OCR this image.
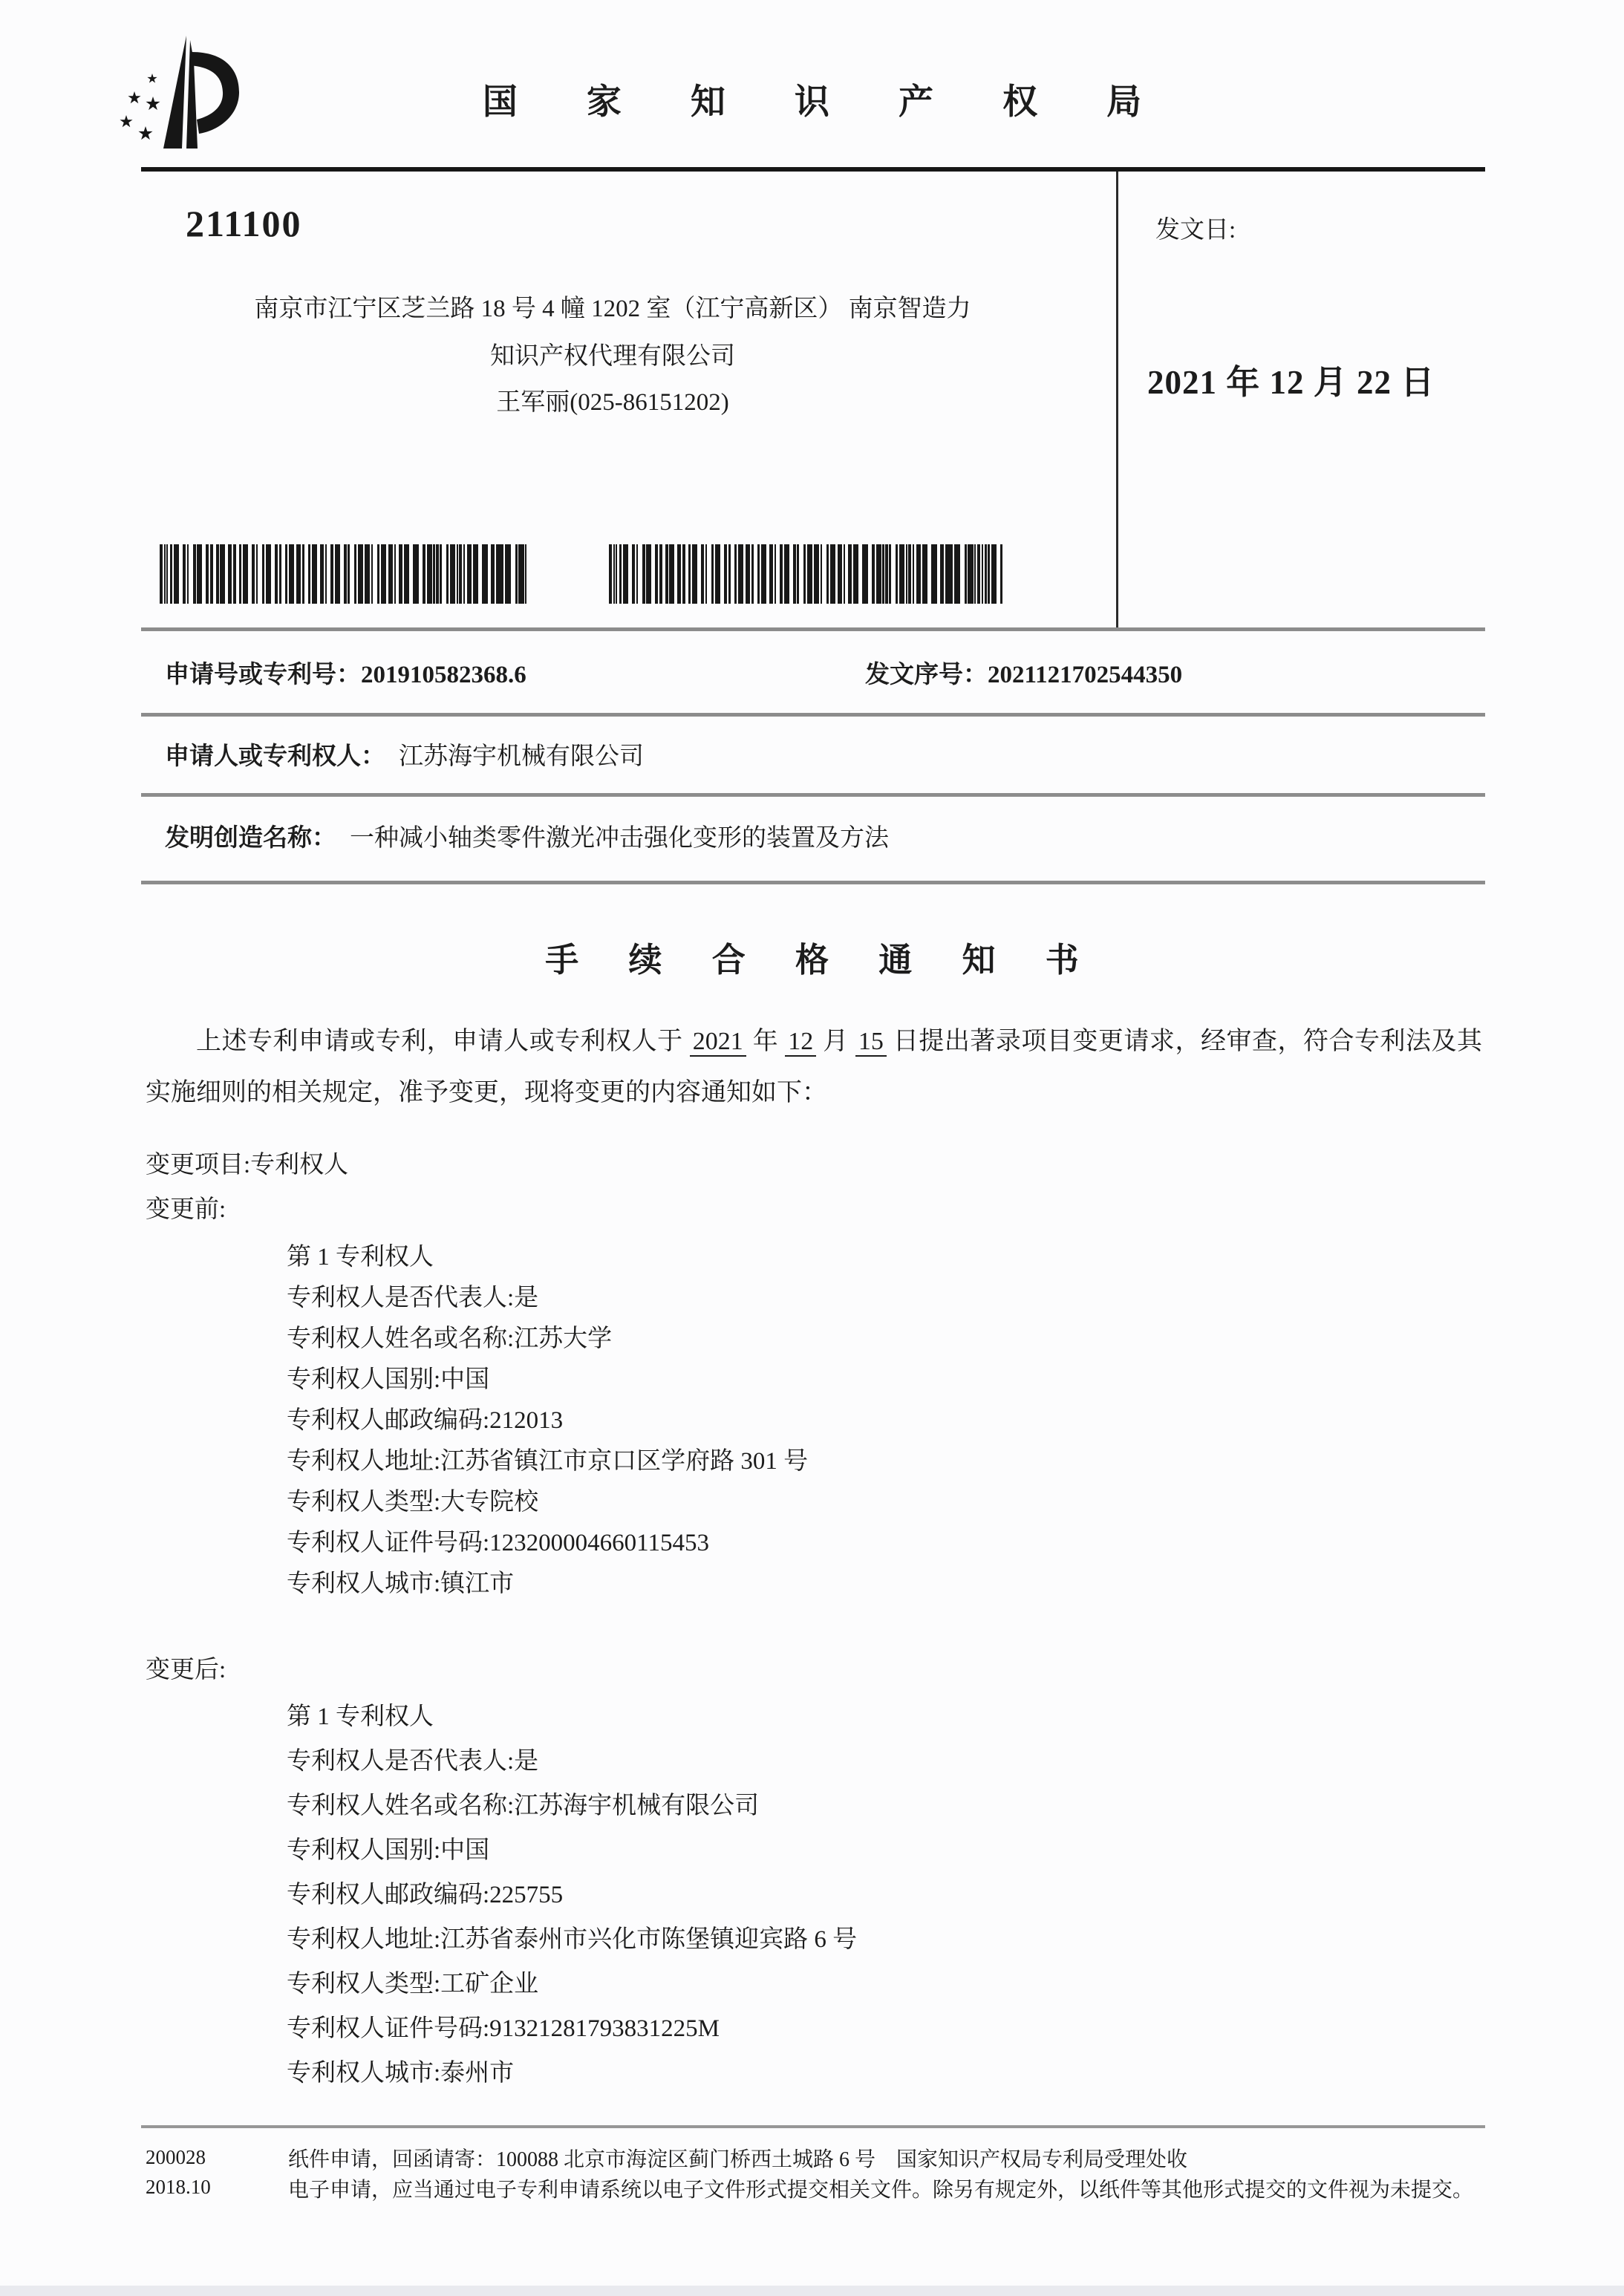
国 家 知 识 产 权 局
211100
南京市江宁区芝兰路 18 号 4 幢 1202 室（江宁高新区） 南京智造力
知识产权代理有限公司
王军丽(025-86151202)
发文日:
2021 年 12 月 22 日
申请号或专利号：201910582368.6	发文序号：2021121702544350
申请人或专利权人： 江苏海宇机械有限公司
发明创造名称： 一种减小轴类零件激光冲击强化变形的装置及方法
手 续 合 格 通 知 书
上述专利申请或专利，申请人或专利权人于 2021 年 12 月 15 日提出著录项目变更请求，经审查，符合专利法及其实施细则的相关规定，准予变更，现将变更的内容通知如下：
变更项目:专利权人
变更前:
第 1 专利权人
专利权人是否代表人:是
专利权人姓名或名称:江苏大学
专利权人国别:中国
专利权人邮政编码:212013
专利权人地址:江苏省镇江市京口区学府路 301 号
专利权人类型:大专院校
专利权人证件号码:123200004660115453
专利权人城市:镇江市
变更后:
第 1 专利权人
专利权人是否代表人:是
专利权人姓名或名称:江苏海宇机械有限公司
专利权人国别:中国
专利权人邮政编码:225755
专利权人地址:江苏省泰州市兴化市陈堡镇迎宾路 6 号
专利权人类型:工矿企业
专利权人证件号码:91321281793831225M
专利权人城市:泰州市
200028
2018.10
纸件申请，回函请寄：100088 北京市海淀区蓟门桥西土城路 6 号　国家知识产权局专利局受理处收
电子申请，应当通过电子专利申请系统以电子文件形式提交相关文件。除另有规定外，以纸件等其他形式提交的文件视为未提交。
